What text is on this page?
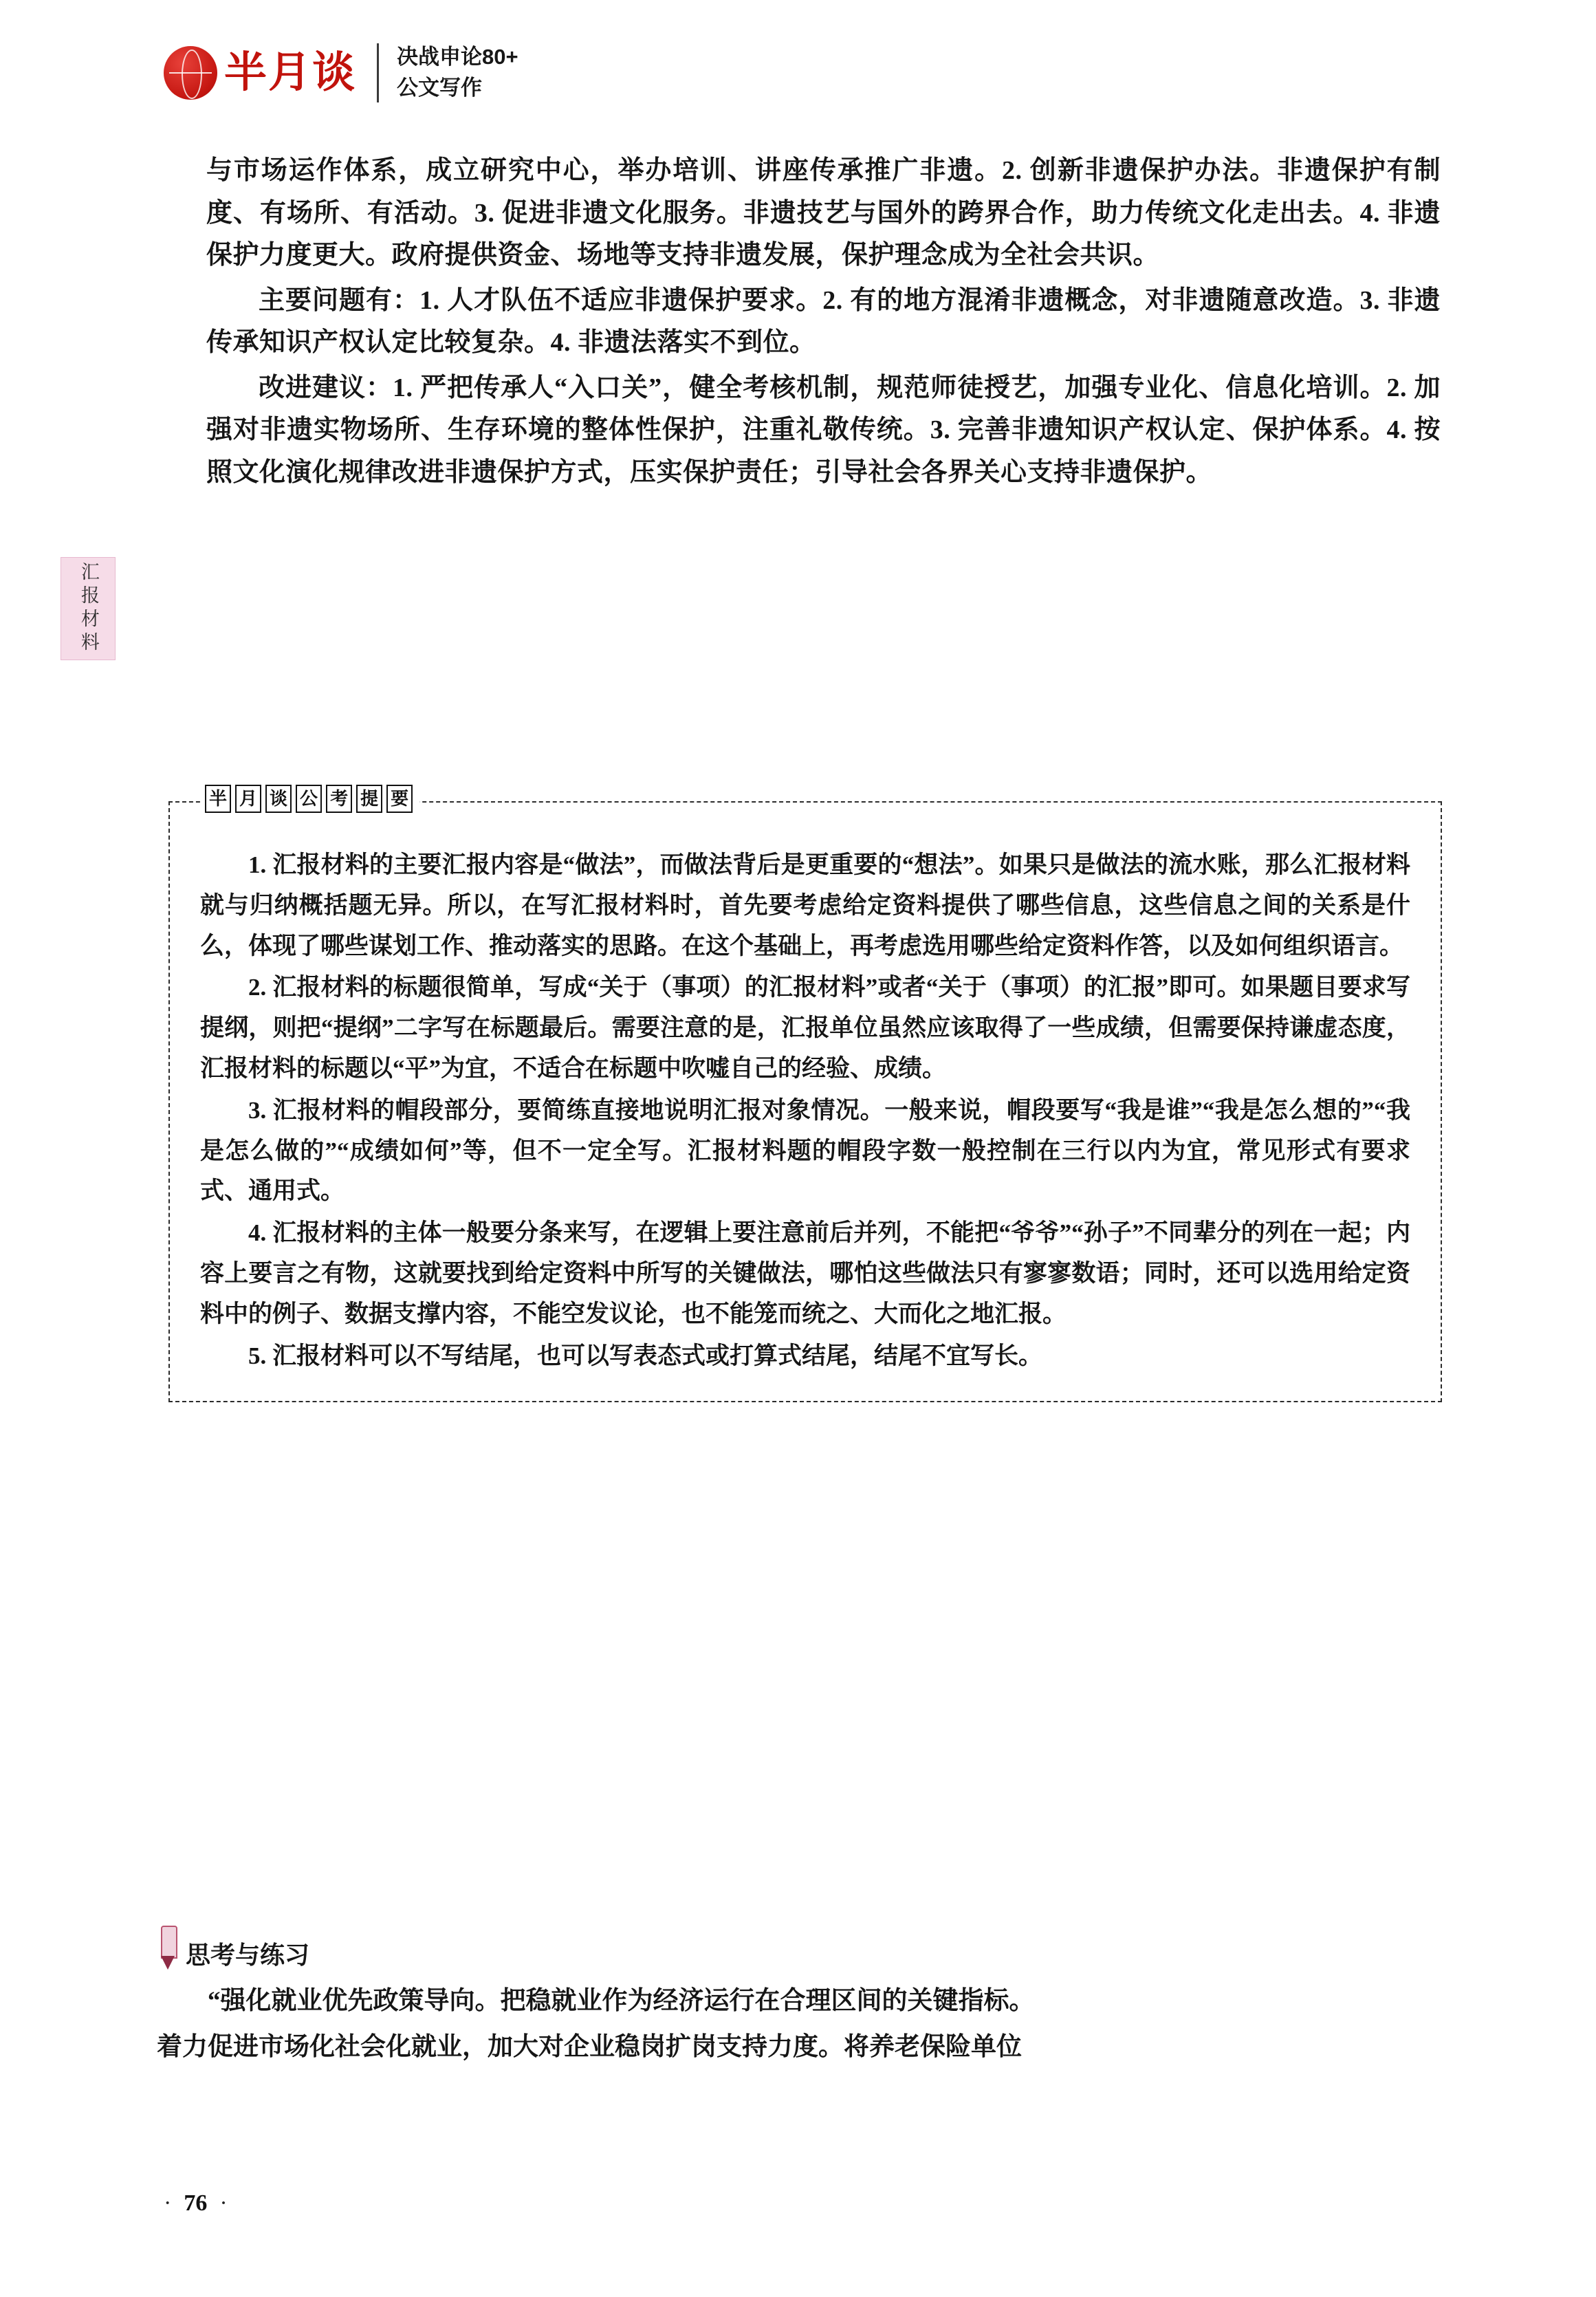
半月谈 决战申论80+
公文写作
汇报材料

与市场运作体系，成立研究中心，举办培训、讲座传承推广非遗。2. 创新非遗保护办法。非遗保护有制度、有场所、有活动。3. 促进非遗文化服务。非遗技艺与国外的跨界合作，助力传统文化走出去。4. 非遗保护力度更大。政府提供资金、场地等支持非遗发展，保护理念成为全社会共识。

主要问题有：1. 人才队伍不适应非遗保护要求。2. 有的地方混淆非遗概念，对非遗随意改造。3. 非遗传承知识产权认定比较复杂。4. 非遗法落实不到位。

改进建议：1. 严把传承人“入口关”，健全考核机制，规范师徒授艺，加强专业化、信息化培训。2. 加强对非遗实物场所、生存环境的整体性保护，注重礼敬传统。3. 完善非遗知识产权认定、保护体系。4. 按照文化演化规律改进非遗保护方式，压实保护责任；引导社会各界关心支持非遗保护。

半 月 谈 公 考 提 要

1. 汇报材料的主要汇报内容是“做法”，而做法背后是更重要的“想法”。如果只是做法的流水账，那么汇报材料就与归纳概括题无异。所以，在写汇报材料时，首先要考虑给定资料提供了哪些信息，这些信息之间的关系是什么，体现了哪些谋划工作、推动落实的思路。在这个基础上，再考虑选用哪些给定资料作答，以及如何组织语言。

2. 汇报材料的标题很简单，写成“关于（事项）的汇报材料”或者“关于（事项）的汇报”即可。如果题目要求写提纲，则把“提纲”二字写在标题最后。需要注意的是，汇报单位虽然应该取得了一些成绩，但需要保持谦虚态度，汇报材料的标题以“平”为宜，不适合在标题中吹嘘自己的经验、成绩。

3. 汇报材料的帽段部分，要简练直接地说明汇报对象情况。一般来说，帽段要写“我是谁”“我是怎么想的”“我是怎么做的”“成绩如何”等，但不一定全写。汇报材料题的帽段字数一般控制在三行以内为宜，常见形式有要求式、通用式。

4. 汇报材料的主体一般要分条来写，在逻辑上要注意前后并列，不能把“爷爷”“孙子”不同辈分的列在一起；内容上要言之有物，这就要找到给定资料中所写的关键做法，哪怕这些做法只有寥寥数语；同时，还可以选用给定资料中的例子、数据支撑内容，不能空发议论，也不能笼而统之、大而化之地汇报。

5. 汇报材料可以不写结尾，也可以写表态式或打算式结尾，结尾不宜写长。

思考与练习

“强化就业优先政策导向。把稳就业作为经济运行在合理区间的关键指标。

着力促进市场化社会化就业，加大对企业稳岗扩岗支持力度。将养老保险单位

· 76 ·
